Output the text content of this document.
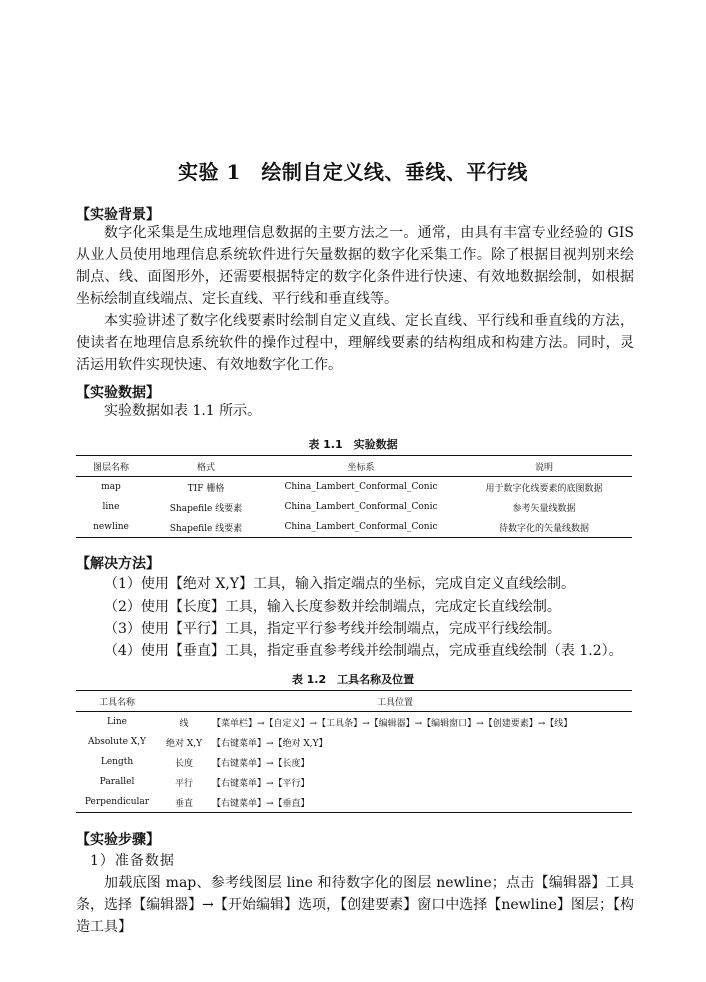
实验 1　绘制自定义线、垂线、平行线
【实验背景】
数字化采集是生成地理信息数据的主要方法之一。通常，由具有丰富专业经验的 GIS 从业人员使用地理信息系统软件进行矢量数据的数字化采集工作。除了根据目视判别来绘制点、线、面图形外，还需要根据特定的数字化条件进行快速、有效地数据绘制，如根据坐标绘制直线端点、定长直线、平行线和垂直线等。
本实验讲述了数字化线要素时绘制自定义直线、定长直线、平行线和垂直线的方法，使读者在地理信息系统软件的操作过程中，理解线要素的结构组成和构建方法。同时，灵活运用软件实现快速、有效地数字化工作。
【实验数据】
实验数据如表 1.1 所示。
表 1.1　实验数据
图层名称	格式	坐标系	说明
map	TIF 栅格	China_Lambert_Conformal_Conic	用于数字化线要素的底图数据
line	Shapefile 线要素	China_Lambert_Conformal_Conic	参考矢量线数据
newline	Shapefile 线要素	China_Lambert_Conformal_Conic	待数字化的矢量线数据
【解决方法】
（1）使用【绝对 X,Y】工具，输入指定端点的坐标，完成自定义直线绘制。
（2）使用【长度】工具，输入长度参数并绘制端点，完成定长直线绘制。
（3）使用【平行】工具，指定平行参考线并绘制端点，完成平行线绘制。
（4）使用【垂直】工具，指定垂直参考线并绘制端点，完成垂直线绘制（表 1.2）。
表 1.2　工具名称及位置
工具名称	工具位置	
Line	线	【菜单栏】→【自定义】→【工具条】→【编辑器】→【编辑窗口】→【创建要素】→【线】
Absolute X,Y	绝对 X,Y	【右键菜单】→【绝对 X,Y】
Length	长度	【右键菜单】→【长度】
Parallel	平行	【右键菜单】→【平行】
Perpendicular	垂直	【右键菜单】→【垂直】
【实验步骤】
1）准备数据
加载底图 map、参考线图层 line 和待数字化的图层 newline；点击【编辑器】工具条，选择【编辑器】→【开始编辑】选项，【创建要素】窗口中选择【newline】图层；【构造工具】
